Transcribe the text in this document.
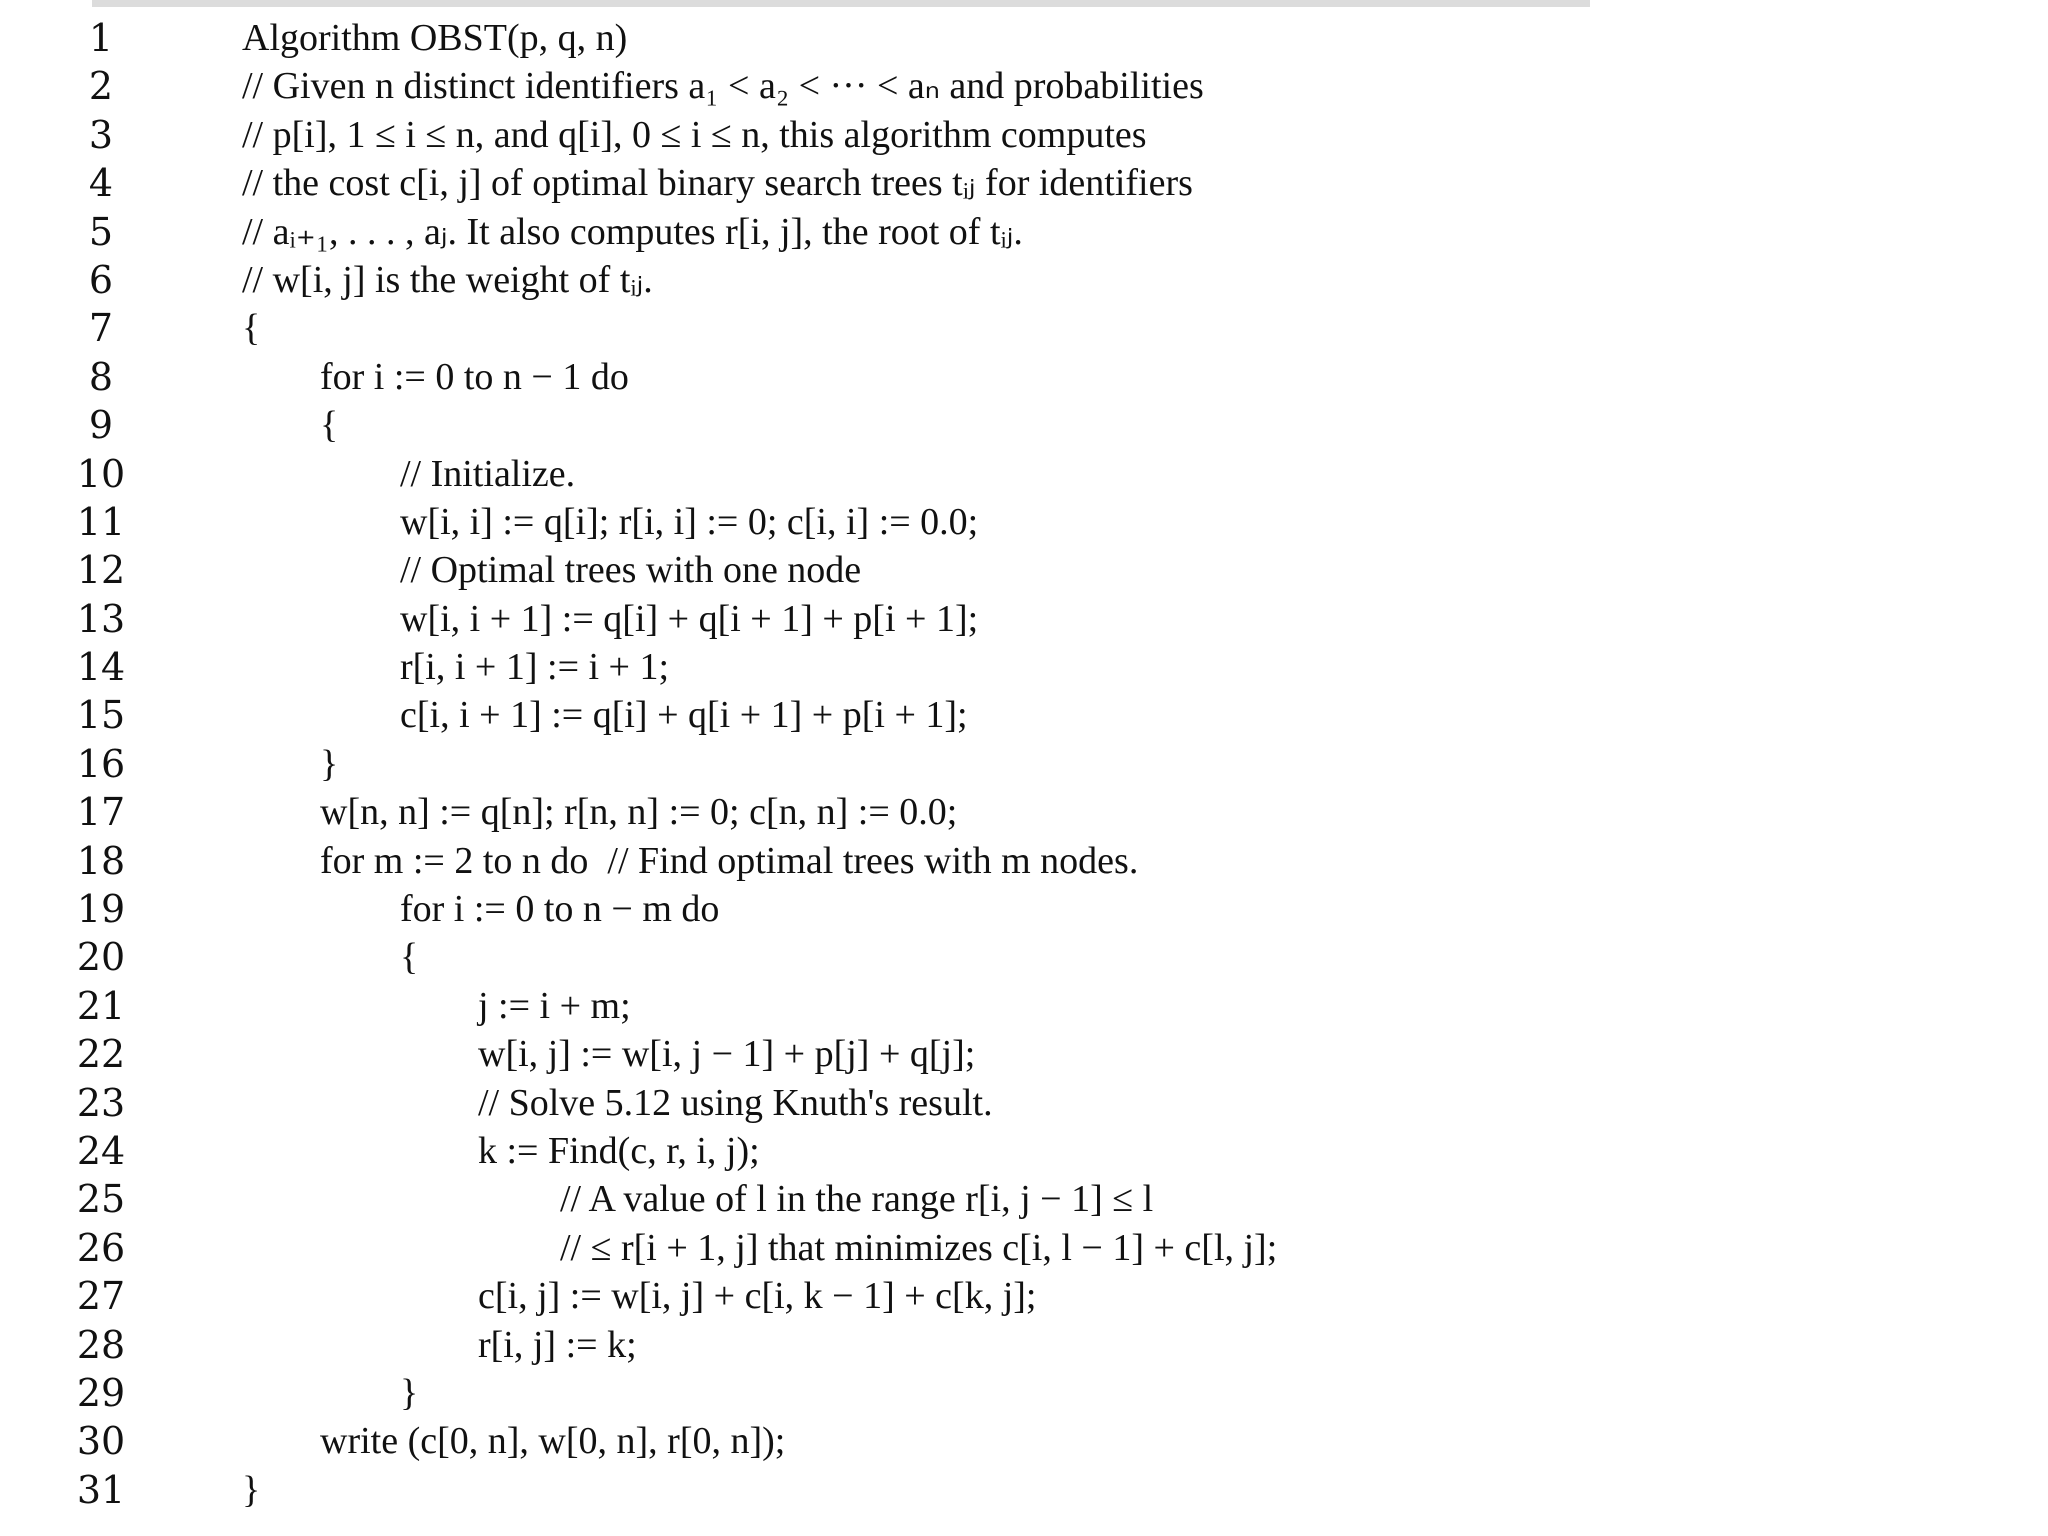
1	Algorithm OBST(p, q, n)
2	// Given n distinct identifiers a₁ < a₂ < ··· < aₙ and probabilities
3	// p[i], 1 ≤ i ≤ n, and q[i], 0 ≤ i ≤ n, this algorithm computes
4	// the cost c[i, j] of optimal binary search trees tᵢⱼ for identifiers
5	// aᵢ₊₁, . . . , aⱼ. It also computes r[i, j], the root of tᵢⱼ.
6	// w[i, j] is the weight of tᵢⱼ.
7	{
8	for i := 0 to n − 1 do
9	{
10	// Initialize.
11	w[i, i] := q[i]; r[i, i] := 0; c[i, i] := 0.0;
12	// Optimal trees with one node
13	w[i, i + 1] := q[i] + q[i + 1] + p[i + 1];
14	r[i, i + 1] := i + 1;
15	c[i, i + 1] := q[i] + q[i + 1] + p[i + 1];
16	}
17	w[n, n] := q[n]; r[n, n] := 0; c[n, n] := 0.0;
18	for m := 2 to n do  // Find optimal trees with m nodes.
19	for i := 0 to n − m do
20	{
21	j := i + m;
22	w[i, j] := w[i, j − 1] + p[j] + q[j];
23	// Solve 5.12 using Knuth's result.
24	k := Find(c, r, i, j);
25	// A value of l in the range r[i, j − 1] ≤ l
26	// ≤ r[i + 1, j] that minimizes c[i, l − 1] + c[l, j];
27	c[i, j] := w[i, j] + c[i, k − 1] + c[k, j];
28	r[i, j] := k;
29	}
30	write (c[0, n], w[0, n], r[0, n]);
31	}
